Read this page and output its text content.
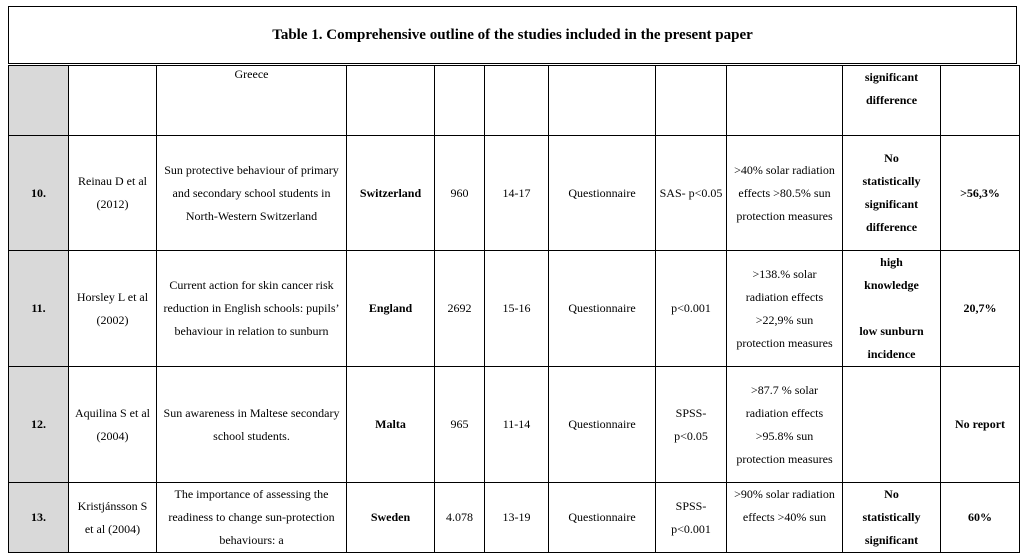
Table 1. Comprehensive outline of the studies included in the present paper
		Greece							significant
difference	

10.	Reinau D et al (2012)	Sun protective behaviour of primary and secondary school students in North-Western Switzerland	Switzerland	960	14-17	Questionnaire	SAS- p<0.05	>40% solar radiation effects >80.5% sun protection measures	No
statistically
significant
difference	>56,3%
11.	Horsley L et al (2002)	Current action for skin cancer risk reduction in English schools: pupils’ behaviour in relation to sunburn	England	2692	15-16	Questionnaire	p<0.001	>138.% solar radiation effects >22,9% sun protection measures	high
knowledge

low sunburn
incidence	20,7%
12.	Aquilina S et al (2004)	Sun awareness in Maltese secondary school students.	Malta	965	11-14	Questionnaire	SPSS- p<0.05	>87.7 % solar radiation effects >95.8% sun protection measures		No report
13.	Kristjánsson S et al (2004)	The importance of assessing the readiness to change sun-protection behaviours: a	Sweden	4.078	13-19	Questionnaire	SPSS- p<0.001	>90% solar radiation effects >40% sun	No
statistically
significant	60%
